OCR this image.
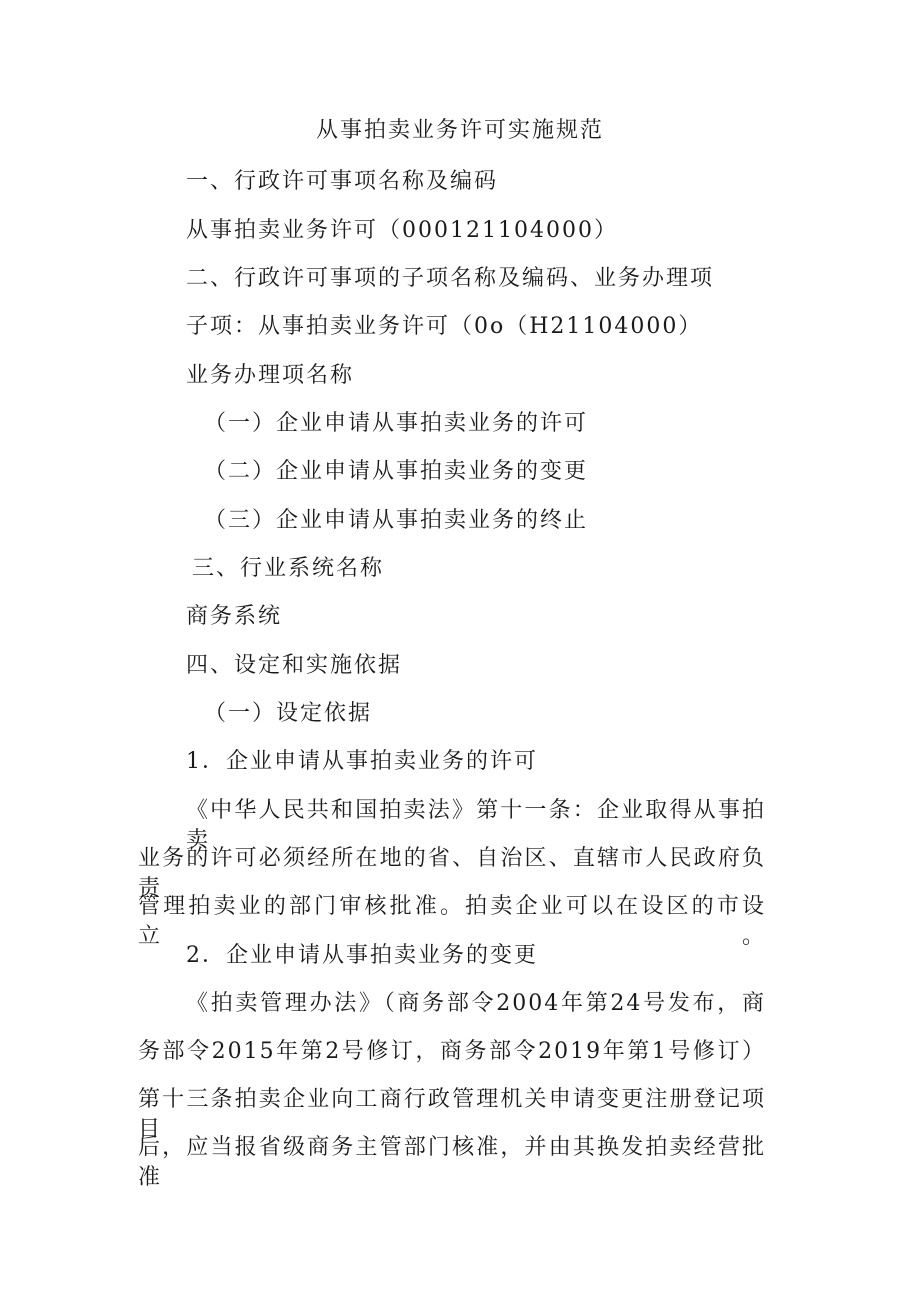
从事拍卖业务许可实施规范
一、行政许可事项名称及编码
从事拍卖业务许可（000121104000）
二、行政许可事项的子项名称及编码、业务办理项
子项：从事拍卖业务许可（0o（H21104000）
业务办理项名称
（一）企业申请从事拍卖业务的许可
（二）企业申请从事拍卖业务的变更
（三）企业申请从事拍卖业务的终止
三、行业系统名称
商务系统
四、设定和实施依据
（一）设定依据
1．企业申请从事拍卖业务的许可
《中华人民共和国拍卖法》第十一条：企业取得从事拍卖
业务的许可必须经所在地的省、自治区、直辖市人民政府负责
管理拍卖业的部门审核批准。拍卖企业可以在设区的市设立。
2．企业申请从事拍卖业务的变更
《拍卖管理办法》（商务部令2004年第24号发布，商
务部令2015年第2号修订，商务部令2019年第1号修订）
第十三条拍卖企业向工商行政管理机关申请变更注册登记项目
后，应当报省级商务主管部门核准，并由其换发拍卖经营批准
